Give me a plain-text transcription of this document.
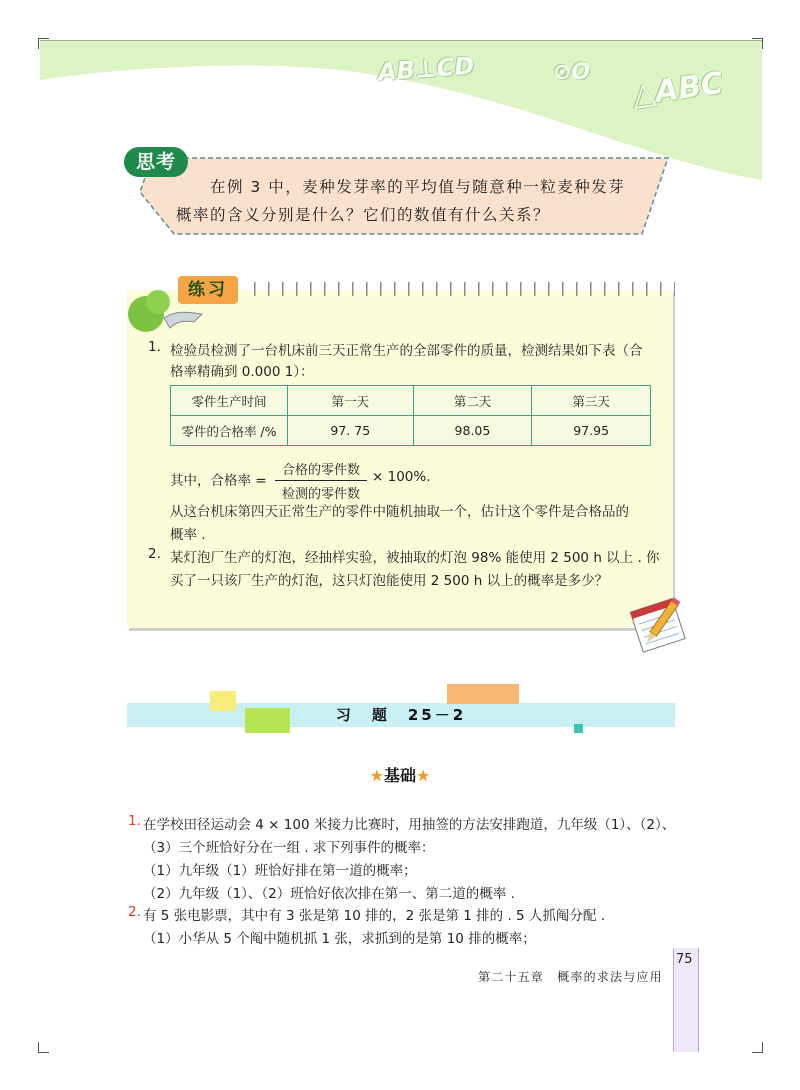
AB⊥CD	⊙O △ABC
思考
在例 3 中，麦种发芽率的平均值与随意种一粒麦种发芽
概率的含义分别是什么？它们的数值有什么关系？
练习
1. 检验员检测了一台机床前三天正常生产的全部零件的质量，检测结果如下表（合
格率精确到 0.000 1）：
零件生产时间	第一天	第二天	第三天
零件的合格率 /%	97. 75	98.05	97.95
其中，合格率 =
合格的零件数
检测的零件数
× 100%.
从这台机床第四天正常生产的零件中随机抽取一个，估计这个零件是合格品的
概率 .
2. 某灯泡厂生产的灯泡，经抽样实验，被抽取的灯泡 98% 能使用 2 500 h 以上 . 你
买了一只该厂生产的灯泡，这只灯泡能使用 2 500 h 以上的概率是多少？
习　题　25－2
★基础★
1. 在学校田径运动会 4 × 100 米接力比赛时，用抽签的方法安排跑道，九年级（1）、（2）、
（3）三个班恰好分在一组 . 求下列事件的概率：
（1）九年级（1）班恰好排在第一道的概率；
（2）九年级（1）、（2）班恰好依次排在第一、第二道的概率 .
2. 有 5 张电影票，其中有 3 张是第 10 排的，2 张是第 1 排的 . 5 人抓阄分配 .
（1）小华从 5 个阄中随机抓 1 张，求抓到的是第 10 排的概率；
第二十五章　概率的求法与应用
75
